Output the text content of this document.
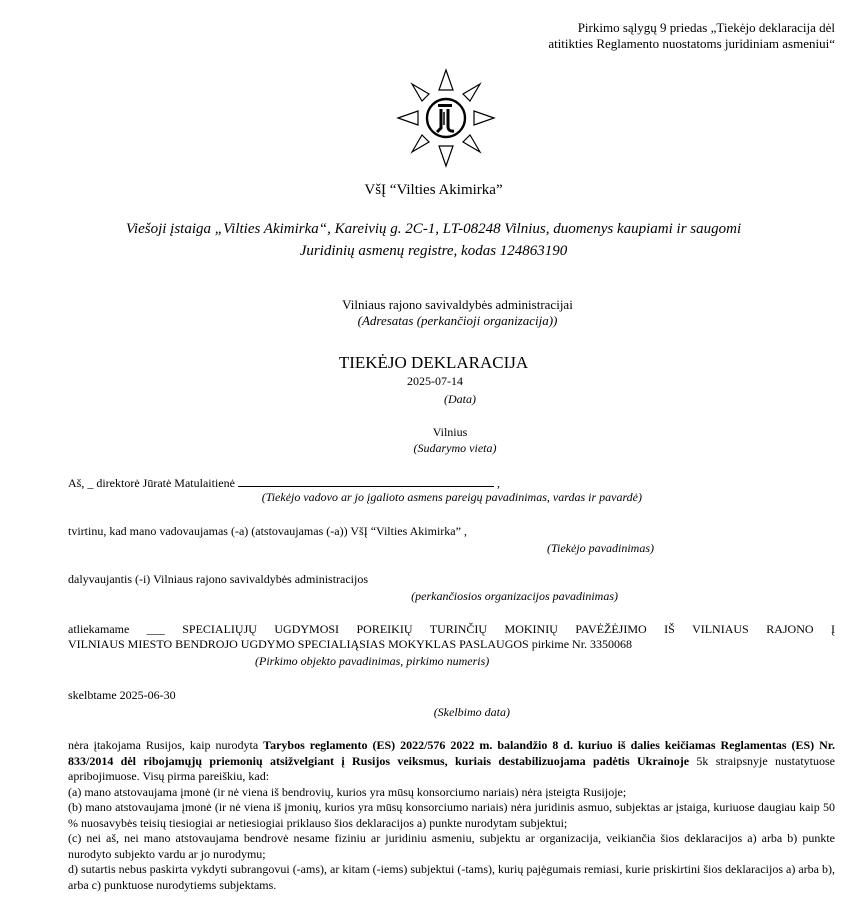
Pirkimo sąlygų 9 priedas „Tiekėjo deklaracija dėl
atitikties Reglamento nuostatoms juridiniam asmeniui“
VšĮ “Vilties Akimirka”
Viešoji įstaiga „Vilties Akimirka“, Kareivių g. 2C-1, LT-08248 Vilnius, duomenys kaupiami ir saugomi
Juridinių asmenų registre, kodas 124863190
Vilniaus rajono savivaldybės administracijai
(Adresatas (perkančioji organizacija))
TIEKĖJO DEKLARACIJA
2025-07-14
(Data)
Vilnius
(Sudarymo vieta)
Aš, _ direktorė Jūratė Matulaitienė	,
(Tiekėjo vadovo ar jo įgalioto asmens pareigų pavadinimas, vardas ir pavardė)
tvirtinu, kad mano vadovaujamas (-a) (atstovaujamas (-a)) VšĮ “Vilties Akimirka” ,
(Tiekėjo pavadinimas)
dalyvaujantis (-i) Vilniaus rajono savivaldybės administracijos
(perkančiosios organizacijos pavadinimas)
atliekamame ___ SPECIALIŲJŲ UGDYMOSI POREIKIŲ TURINČIŲ MOKINIŲ PAVĖŽĖJIMO IŠ VILNIAUS RAJONO Į
VILNIAUS MIESTO BENDROJO UGDYMO SPECIALIĄSIAS MOKYKLAS PASLAUGOS pirkime Nr. 3350068
(Pirkimo objekto pavadinimas, pirkimo numeris)
skelbtame 2025-06-30
(Skelbimo data)
nėra įtakojama Rusijos, kaip nurodyta Tarybos reglamento (ES) 2022/576 2022 m. balandžio 8 d. kuriuo iš dalies keičiamas Reglamentas (ES) Nr. 833/2014 dėl ribojamųjų priemonių atsižvelgiant į Rusijos veiksmus, kuriais destabilizuojama padėtis Ukrainoje 5k straipsnyje nustatytuose apribojimuose. Visų pirma pareiškiu, kad:
(a) mano atstovaujama įmonė (ir nė viena iš bendrovių, kurios yra mūsų konsorciumo nariais) nėra įsteigta Rusijoje;
(b) mano atstovaujama įmonė (ir nė viena iš įmonių, kurios yra mūsų konsorciumo nariais) nėra juridinis asmuo, subjektas ar įstaiga, kuriuose daugiau kaip 50 % nuosavybės teisių tiesiogiai ar netiesiogiai priklauso šios deklaracijos a) punkte nurodytam subjektui;
(c) nei aš, nei mano atstovaujama bendrovė nesame fiziniu ar juridiniu asmeniu, subjektu ar organizacija, veikiančia šios deklaracijos a) arba b) punkte nurodyto subjekto vardu ar jo nurodymu;
d) sutartis nebus paskirta vykdyti subrangovui (-ams), ar kitam (-iems) subjektui (-tams), kurių pajėgumais remiasi, kurie priskirtini šios deklaracijos a) arba b), arba c) punktuose nurodytiems subjektams.
